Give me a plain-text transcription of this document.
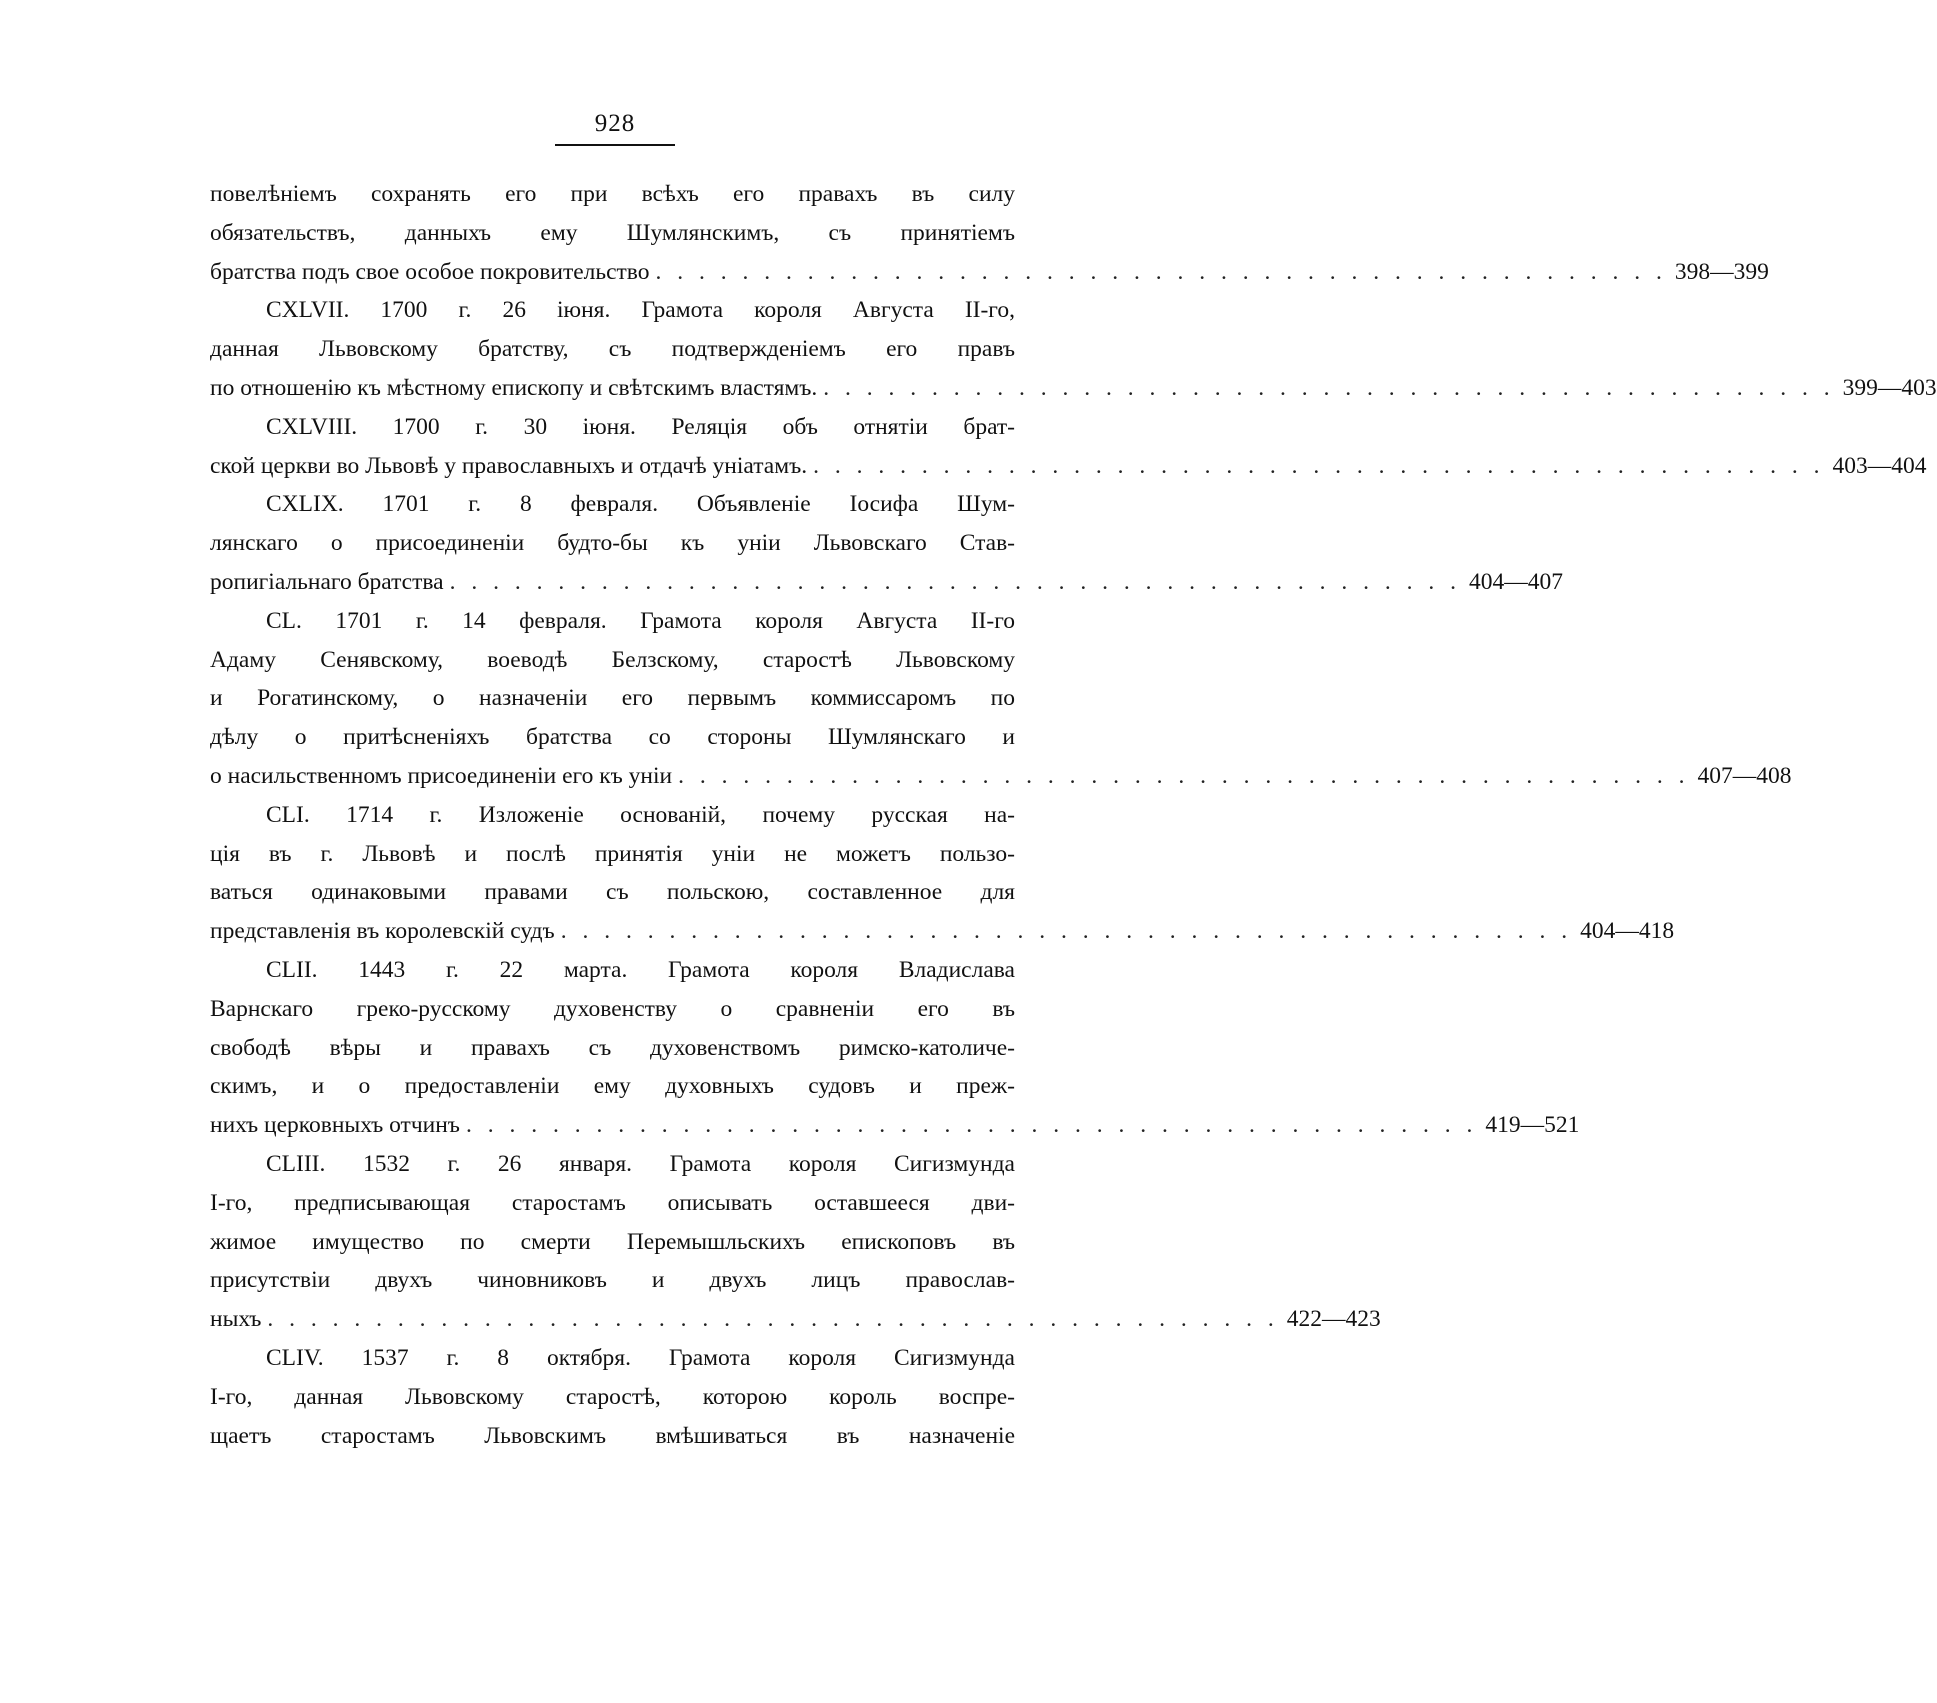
928
повелѣніемъ сохранять его при всѣхъ его правахъ въ силу
обязательствъ, данныхъ ему Шумлянскимъ, съ принятіемъ
братства подъ свое особое покровительство . . . . . . . . . . . . . . . . . . . . . . . . . . . . . . . . . . . . . . . . . . . . . . . 398—399
CXLVII. 1700 г. 26 іюня. Грамота короля Августа II-го,
данная Львовскому братству, съ подтвержденіемъ его правъ
по отношенію къ мѣстному епископу и свѣтскимъ властямъ. . . . . . . . . . . . . . . . . . . . . . . . . . . . . . . . . . . . . . . . . . . . . . . . 399—403
CXLVIII. 1700 г. 30 іюня. Реляція объ отнятіи брат-
ской церкви во Львовѣ у православныхъ и отдачѣ уніатамъ. . . . . . . . . . . . . . . . . . . . . . . . . . . . . . . . . . . . . . . . . . . . . . . . 403—404
CXLIX. 1701 г. 8 февраля. Объявленіе Іосифа Шум-
лянскаго о присоединеніи будто-бы къ уніи Львовскаго Став-
ропигіальнаго братства . . . . . . . . . . . . . . . . . . . . . . . . . . . . . . . . . . . . . . . . . . . . . . . 404—407
CL. 1701 г. 14 февраля. Грамота короля Августа II-го
Адаму Сенявскому, воеводѣ Белзскому, старостѣ Львовскому
и Рогатинскому, о назначеніи его первымъ коммиссаромъ по
дѣлу о притѣсненіяхъ братства со стороны Шумлянскаго и
о насильственномъ присоединеніи его къ уніи . . . . . . . . . . . . . . . . . . . . . . . . . . . . . . . . . . . . . . . . . . . . . . . 407—408
CLI. 1714 г. Изложеніе основаній, почему русская на-
ція въ г. Львовѣ и послѣ принятія уніи не можетъ пользо-
ваться одинаковыми правами съ польскою, составленное для
представленія въ королевскій судъ . . . . . . . . . . . . . . . . . . . . . . . . . . . . . . . . . . . . . . . . . . . . . . . 404—418
CLII. 1443 г. 22 марта. Грамота короля Владислава
Варнскаго греко-русскому духовенству о сравненіи его въ
свободѣ вѣры и правахъ съ духовенствомъ римско-католиче-
скимъ, и о предоставленіи ему духовныхъ судовъ и преж-
нихъ церковныхъ отчинъ . . . . . . . . . . . . . . . . . . . . . . . . . . . . . . . . . . . . . . . . . . . . . . . 419—521
CLIII. 1532 г. 26 января. Грамота короля Сигизмунда
I-го, предписывающая старостамъ описывать оставшееся дви-
жимое имущество по смерти Перемышльскихъ епископовъ въ
присутствіи двухъ чиновниковъ и двухъ лицъ православ-
ныхъ . . . . . . . . . . . . . . . . . . . . . . . . . . . . . . . . . . . . . . . . . . . . . . . 422—423
CLIV. 1537 г. 8 октября. Грамота короля Сигизмунда
I-го, данная Львовскому старостѣ, которою король воспре-
щаетъ старостамъ Львовскимъ вмѣшиваться въ назначеніе
